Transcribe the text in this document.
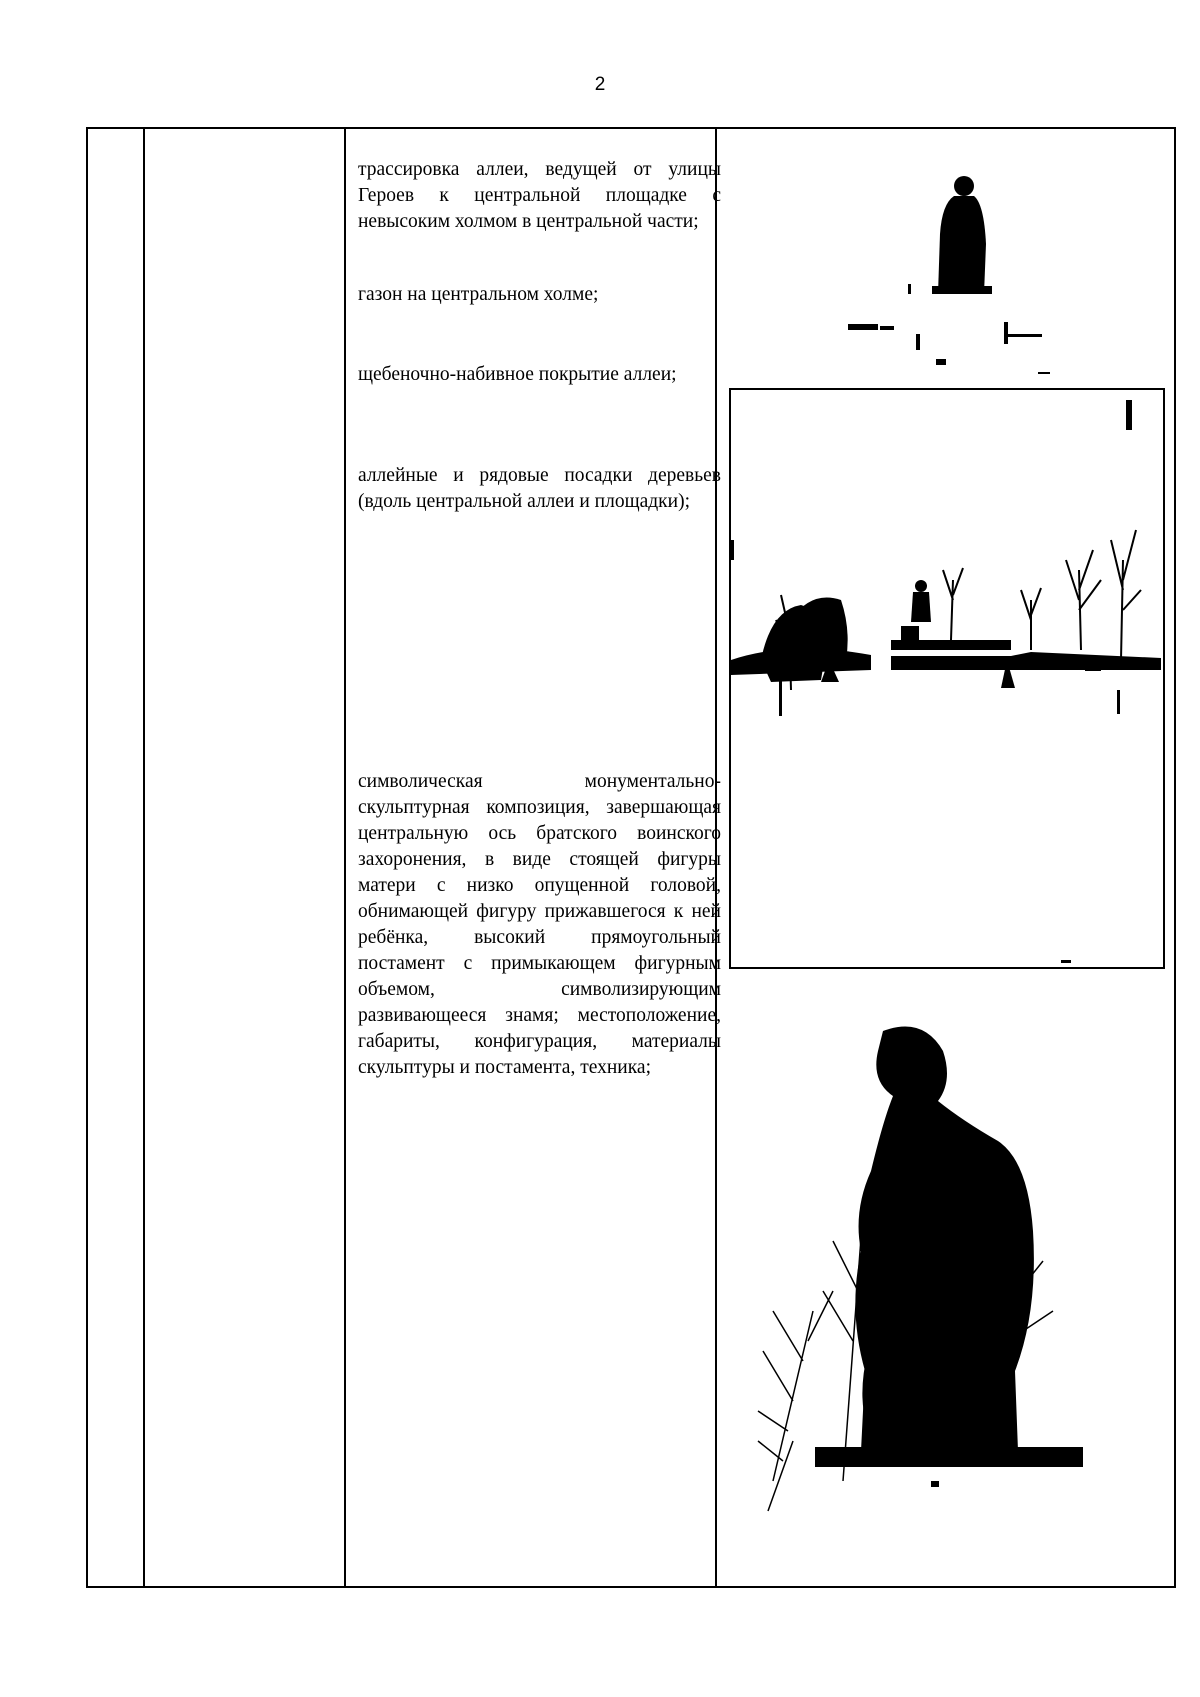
2

трассировка аллеи, ведущей от улицы Героев к центральной площадке с невысоким холмом в центральной части;

газон на центральном холме;

щебеночно-набивное покрытие аллеи;

аллейные и рядовые посадки деревьев (вдоль центральной аллеи и площадки);

символическая монументально-скульптурная композиция, завершающая центральную ось братского воинского захоронения, в виде стоящей фигуры матери с низко опущенной головой, обнимающей фигуру прижавшегося к ней ребёнка, высокий прямоугольный постамент с примыкающем фигурным объемом, символизирующим развивающееся знамя; местоположение, габариты, конфигурация, материалы скульптуры и постамента, техника;
